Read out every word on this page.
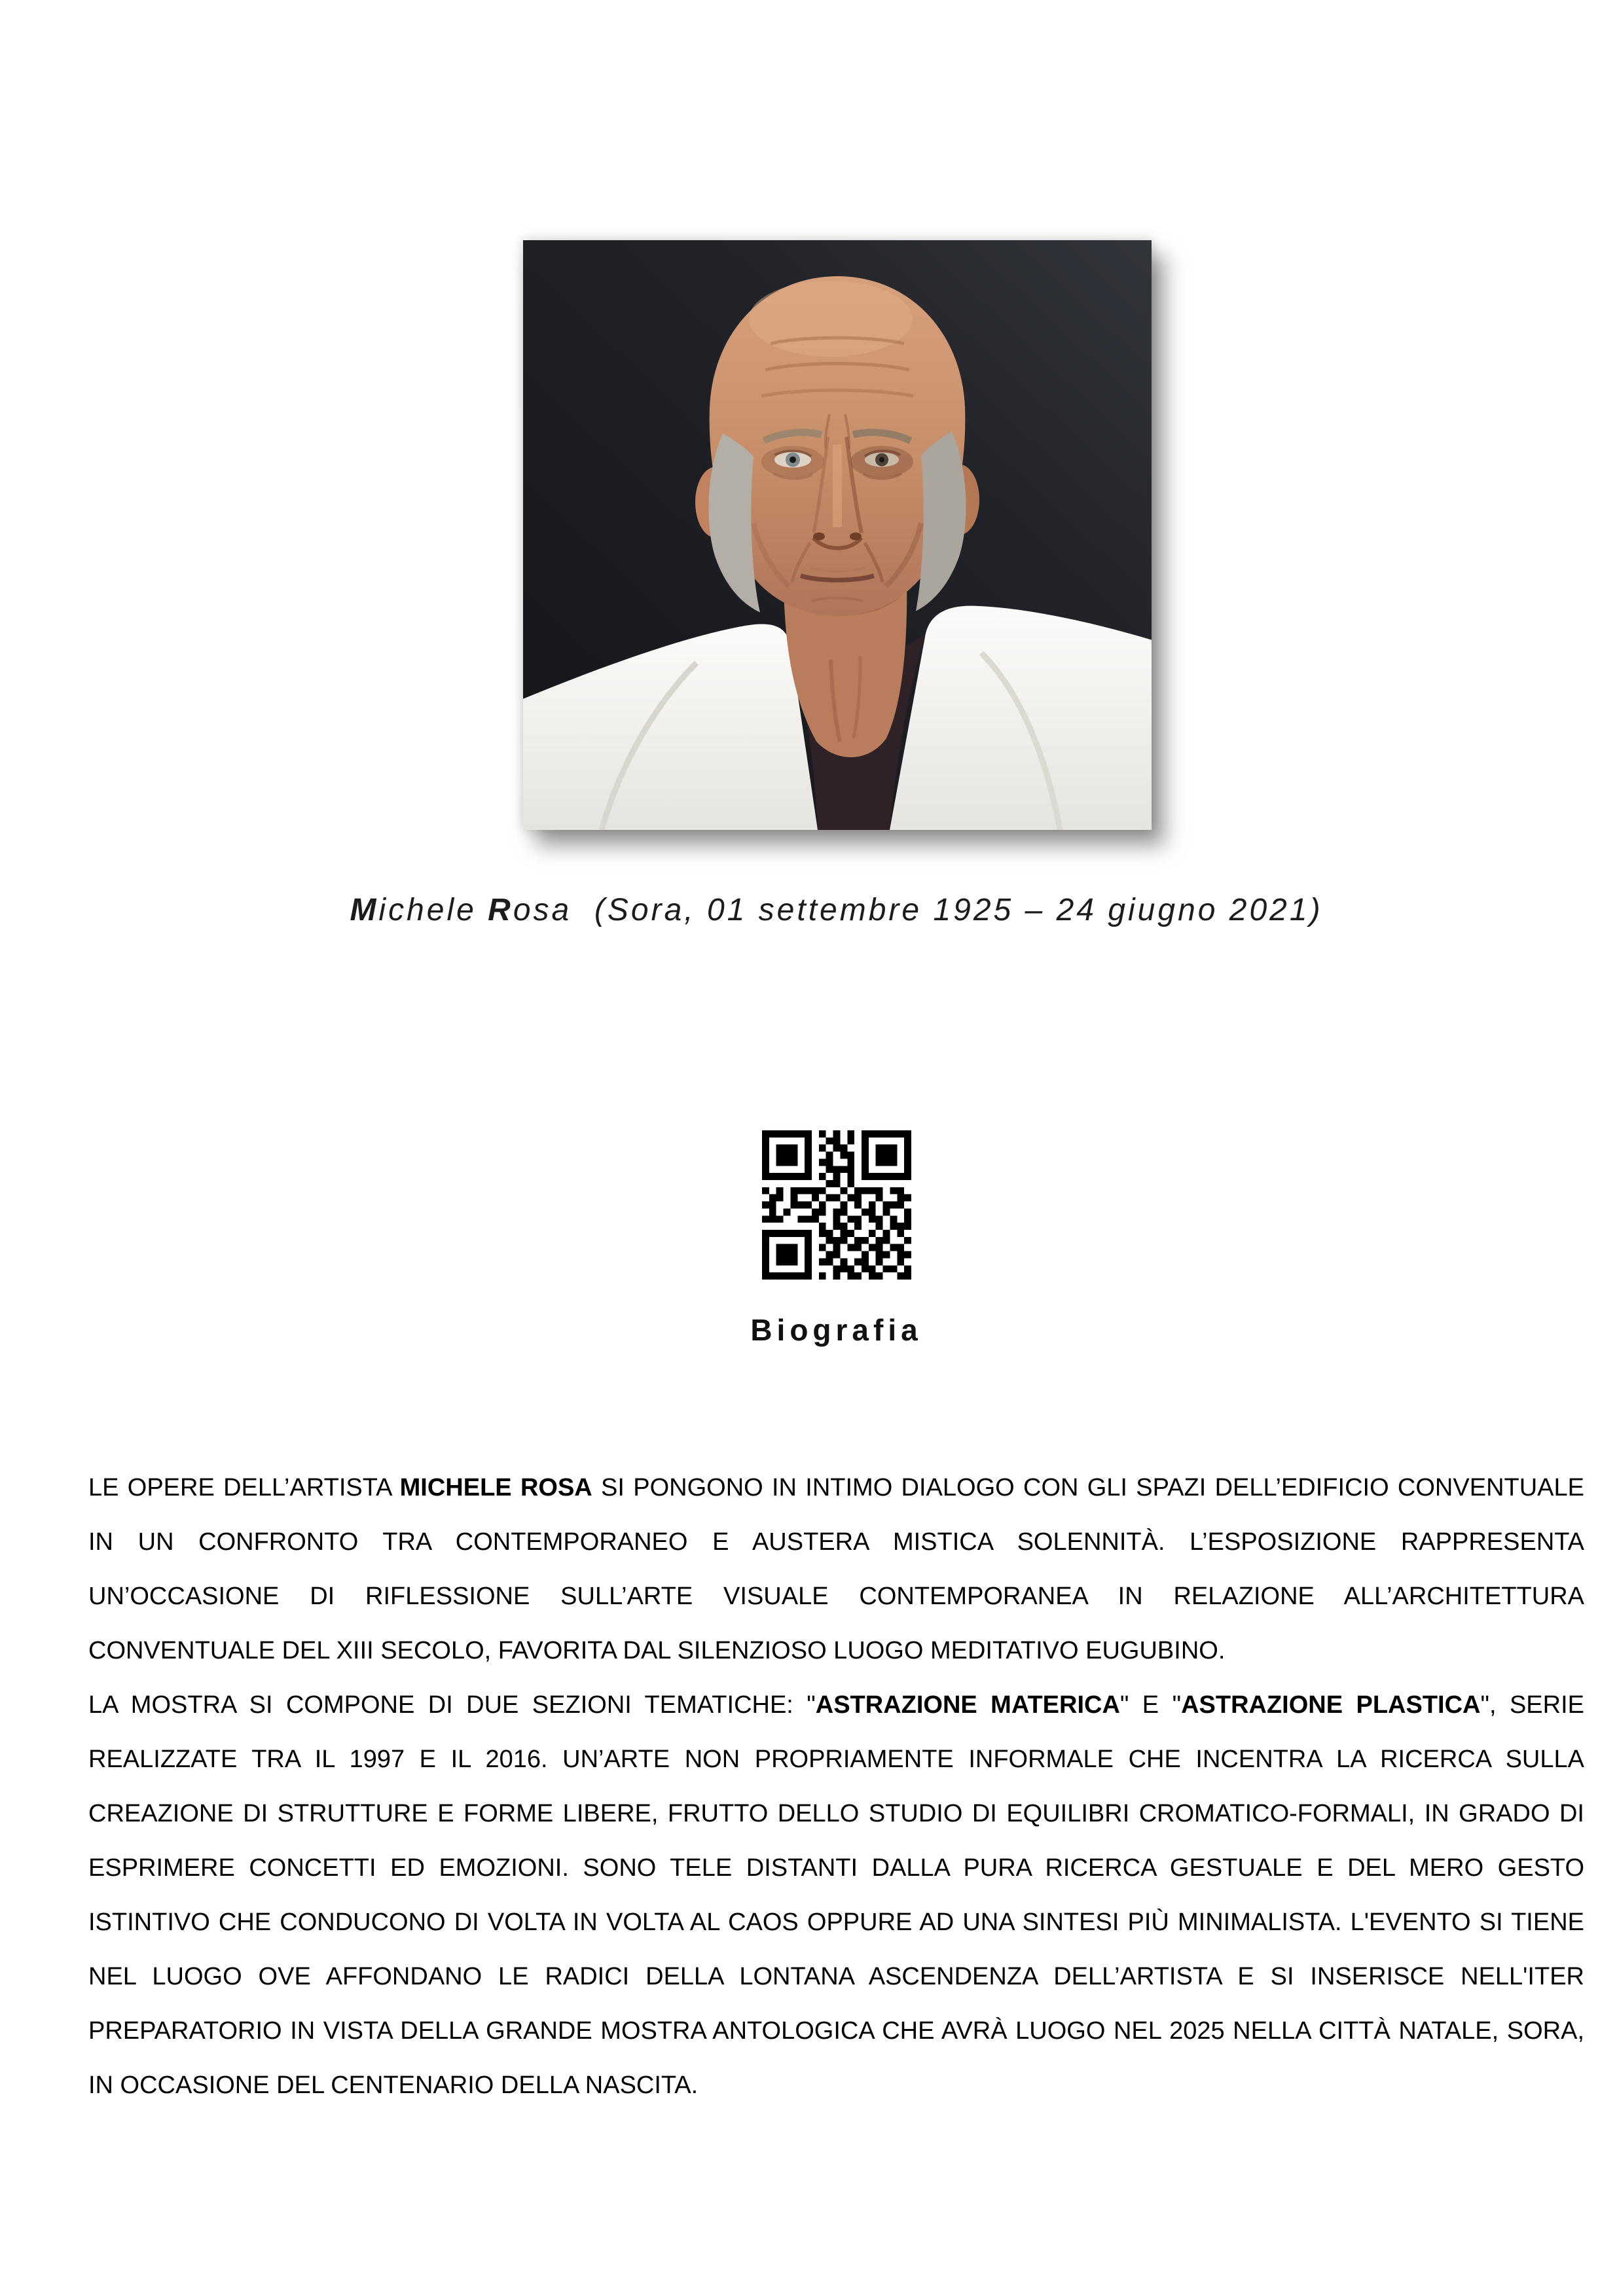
Michele Rosa  (Sora, 01 settembre 1925 – 24 giugno 2021)
Biografia

LE OPERE DELL’ARTISTA MICHELE ROSA SI PONGONO IN INTIMO DIALOGO CON GLI SPAZI DELL’EDIFICIO CONVENTUALE IN UN CONFRONTO TRA CONTEMPORANEO E AUSTERA MISTICA SOLENNITÀ. L’ESPOSIZIONE RAPPRESENTA UN’OCCASIONE DI RIFLESSIONE SULL’ARTE VISUALE CONTEMPORANEA IN RELAZIONE ALL’ARCHITETTURA CONVENTUALE DEL XIII SECOLO, FAVORITA DAL SILENZIOSO LUOGO MEDITATIVO EUGUBINO.

LA MOSTRA SI COMPONE DI DUE SEZIONI TEMATICHE: "ASTRAZIONE MATERICA" E "ASTRAZIONE PLASTICA", SERIE REALIZZATE TRA IL 1997 E IL 2016. UN’ARTE NON PROPRIAMENTE INFORMALE CHE INCENTRA LA RICERCA SULLA CREAZIONE DI STRUTTURE E FORME LIBERE, FRUTTO DELLO STUDIO DI EQUILIBRI CROMATICO-FORMALI, IN GRADO DI ESPRIMERE CONCETTI ED EMOZIONI. SONO TELE DISTANTI DALLA PURA RICERCA GESTUALE E DEL MERO GESTO ISTINTIVO CHE CONDUCONO DI VOLTA IN VOLTA AL CAOS OPPURE AD UNA SINTESI PIÙ MINIMALISTA. L'EVENTO SI TIENE NEL LUOGO OVE AFFONDANO LE RADICI DELLA LONTANA ASCENDENZA DELL’ARTISTA E SI INSERISCE NELL'ITER PREPARATORIO IN VISTA DELLA GRANDE MOSTRA ANTOLOGICA CHE AVRÀ LUOGO NEL 2025 NELLA CITTÀ NATALE, SORA, IN OCCASIONE DEL CENTENARIO DELLA NASCITA.
